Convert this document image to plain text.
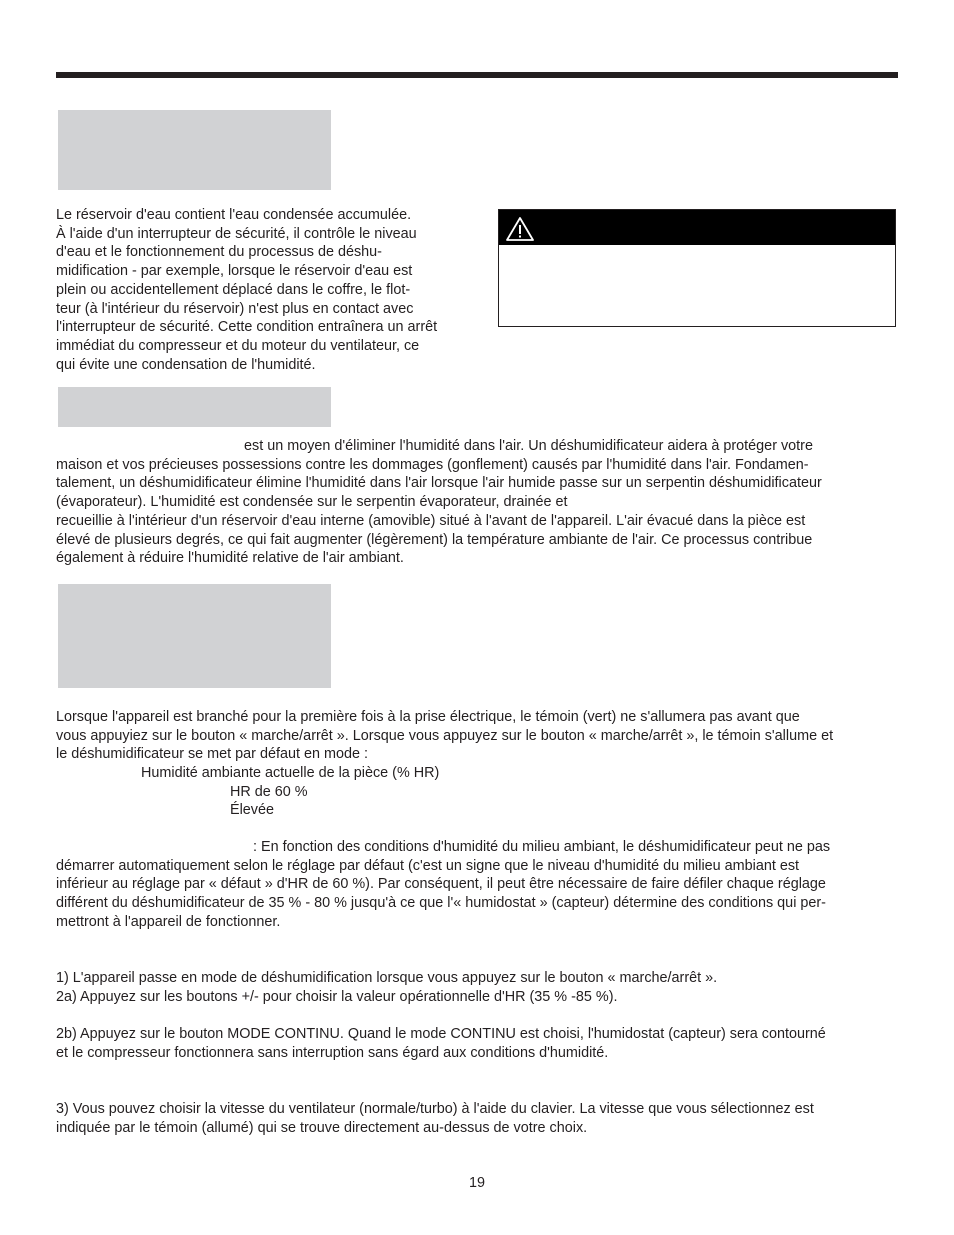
Le réservoir d'eau contient l'eau condensée accumulée.
À l'aide d'un interrupteur de sécurité, il contrôle le niveau
d'eau et le fonctionnement du processus de déshu-
midification - par exemple, lorsque le réservoir d'eau est
plein ou accidentellement déplacé dans le coffre, le flot-
teur (à l'intérieur du réservoir) n'est plus en contact avec
l'interrupteur de sécurité. Cette condition entraînera un arrêt
immédiat du compresseur et du moteur du ventilateur, ce
qui évite une condensation de l'humidité.
est un moyen d'éliminer l'humidité dans l'air. Un déshumidificateur aidera à protéger votre
maison et vos précieuses possessions contre les dommages (gonflement) causés par l'humidité dans l'air. Fondamen-
talement, un déshumidificateur élimine l'humidité dans l'air lorsque l'air humide passe sur un serpentin déshumidificateur
(évaporateur). L'humidité est condensée sur le serpentin évaporateur, drainée et
recueillie à l'intérieur d'un réservoir d'eau interne (amovible) situé à l'avant de l'appareil. L'air évacué dans la pièce est
élevé de plusieurs degrés, ce qui fait augmenter (légèrement) la température ambiante de l'air. Ce processus contribue
également à réduire l'humidité relative de l'air ambiant.
Lorsque l'appareil est branché pour la première fois à la prise électrique, le témoin (vert) ne s'allumera pas avant que
vous appuyiez sur le bouton « marche/arrêt ». Lorsque vous appuyez sur le bouton « marche/arrêt », le témoin s'allume et
le déshumidificateur se met par défaut en mode :
Humidité ambiante actuelle de la pièce (% HR)
HR de 60 %
Élevée
: En fonction des conditions d'humidité du milieu ambiant, le déshumidificateur peut ne pas
démarrer automatiquement selon le réglage par défaut (c'est un signe que le niveau d'humidité du milieu ambiant est
inférieur au réglage par « défaut » d'HR de 60 %). Par conséquent, il peut être nécessaire de faire défiler chaque réglage
différent du déshumidificateur de 35 % - 80 % jusqu'à ce que l'« humidostat » (capteur) détermine des conditions qui per-
mettront à l'appareil de fonctionner.
1) L'appareil passe en mode de déshumidification lorsque vous appuyez sur le bouton « marche/arrêt ».
2a) Appuyez sur les boutons +/- pour choisir la valeur opérationnelle d'HR (35 % -85 %).
2b) Appuyez sur le bouton MODE CONTINU. Quand le mode CONTINU est choisi, l'humidostat (capteur) sera contourné
et le compresseur fonctionnera sans interruption sans égard aux conditions d'humidité.
3) Vous pouvez choisir la vitesse du ventilateur (normale/turbo) à l'aide du clavier. La vitesse que vous sélectionnez est
indiquée par le témoin (allumé) qui se trouve directement au-dessus de votre choix.
19
